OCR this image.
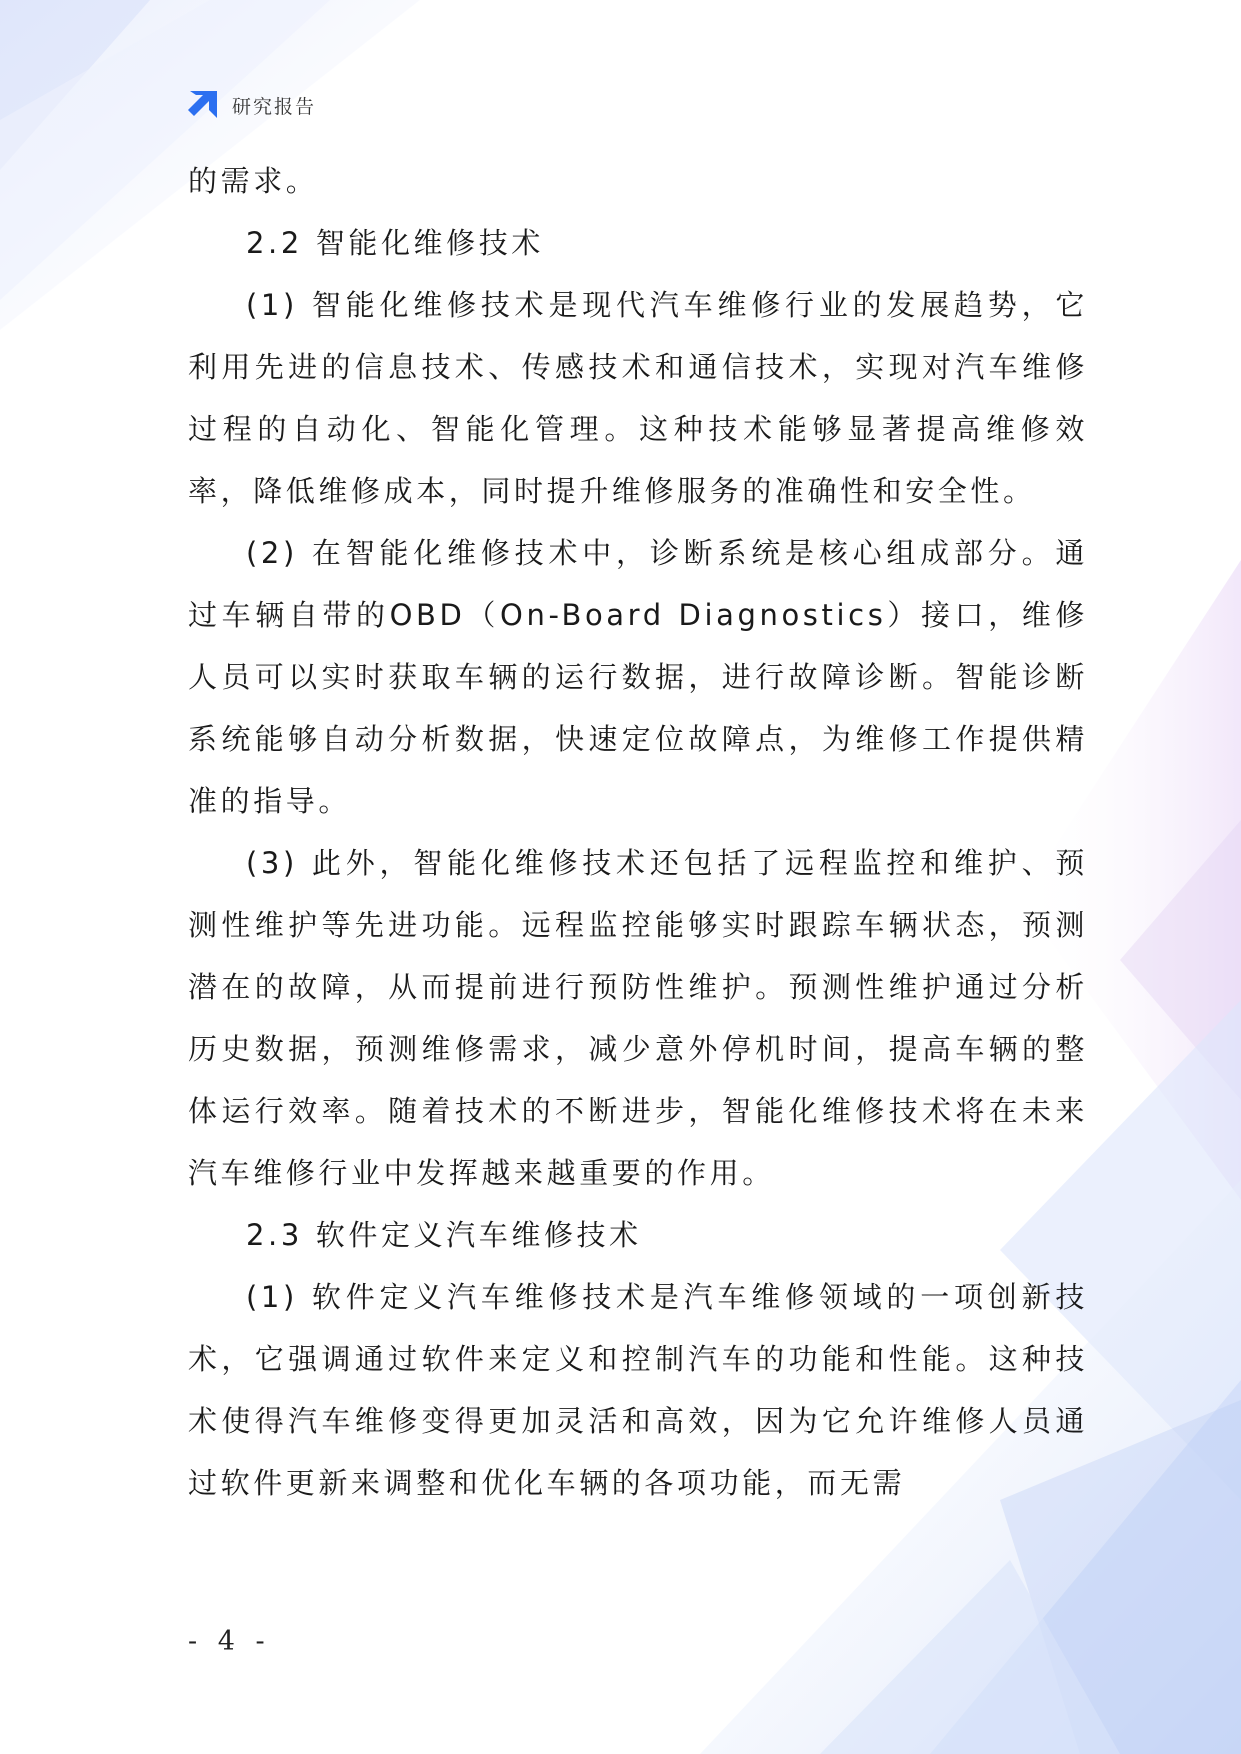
研究报告

的需求。

2.2 智能化维修技术

(1) 智能化维修技术是现代汽车维修行业的发展趋势，它利用先进的信息技术、传感技术和通信技术，实现对汽车维修过程的自动化、智能化管理。这种技术能够显著提高维修效率，降低维修成本，同时提升维修服务的准确性和安全性。

(2) 在智能化维修技术中，诊断系统是核心组成部分。通过车辆自带的OBD（On-Board Diagnostics）接口，维修人员可以实时获取车辆的运行数据，进行故障诊断。智能诊断系统能够自动分析数据，快速定位故障点，为维修工作提供精准的指导。

(3) 此外，智能化维修技术还包括了远程监控和维护、预测性维护等先进功能。远程监控能够实时跟踪车辆状态，预测潜在的故障，从而提前进行预防性维护。预测性维护通过分析历史数据，预测维修需求，减少意外停机时间，提高车辆的整体运行效率。随着技术的不断进步，智能化维修技术将在未来汽车维修行业中发挥越来越重要的作用。

2.3 软件定义汽车维修技术

(1) 软件定义汽车维修技术是汽车维修领域的一项创新技术，它强调通过软件来定义和控制汽车的功能和性能。这种技术使得汽车维修变得更加灵活和高效，因为它允许维修人员通过软件更新来调整和优化车辆的各项功能，而无需

- 4 -
